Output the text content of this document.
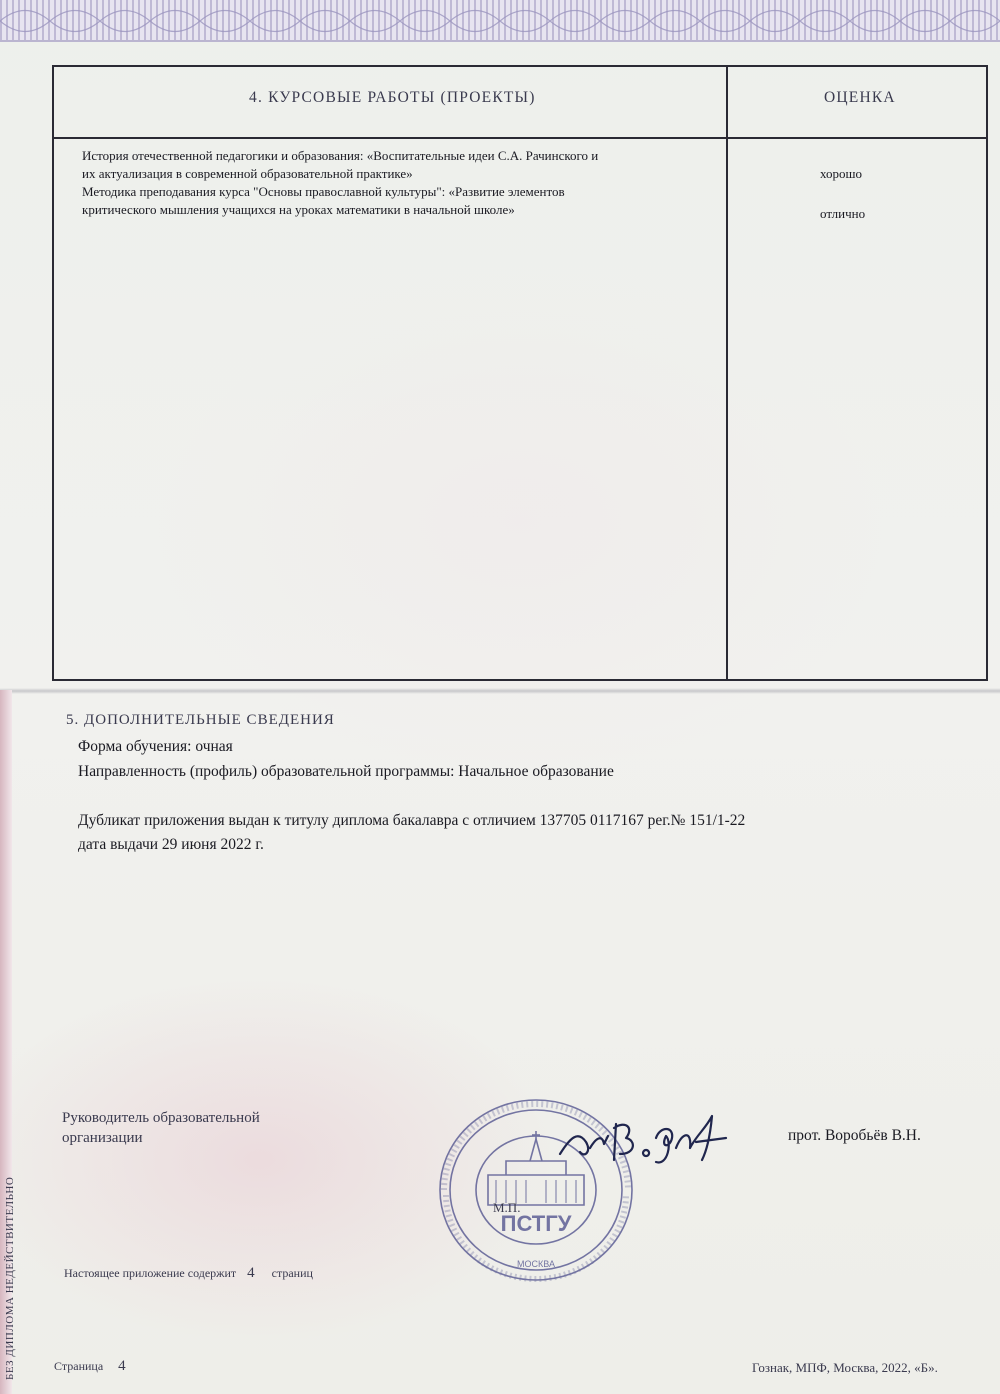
4. КУРСОВЫЕ РАБОТЫ (ПРОЕКТЫ)	ОЦЕНКА
История отечественной педагогики и образования: «Воспитательные идеи С.А. Рачинского и
их актуализация в современной образовательной практике»
Методика преподавания курса "Основы православной культуры": «Развитие элементов
критического мышления учащихся на уроках математики в начальной школе»
хорошо
отлично
5. ДОПОЛНИТЕЛЬНЫЕ СВЕДЕНИЯ
Форма обучения: очная
Направленность (профиль) образовательной программы: Начальное образование
Дубликат приложения выдан к титулу диплома бакалавра с отличием 137705 0117167 рег.№ 151/1-22
дата выдачи 29 июня 2022 г.
Руководитель образовательной
организации
ПСТГУ
МОСКВА
М.П.
прот. Воробьёв В.Н.
Настоящее приложение содержит 4 страниц
Страница 4	Гознак, МПФ, Москва, 2022, «Б».
БЕЗ ДИПЛОМА НЕДЕЙСТВИТЕЛЬНО
